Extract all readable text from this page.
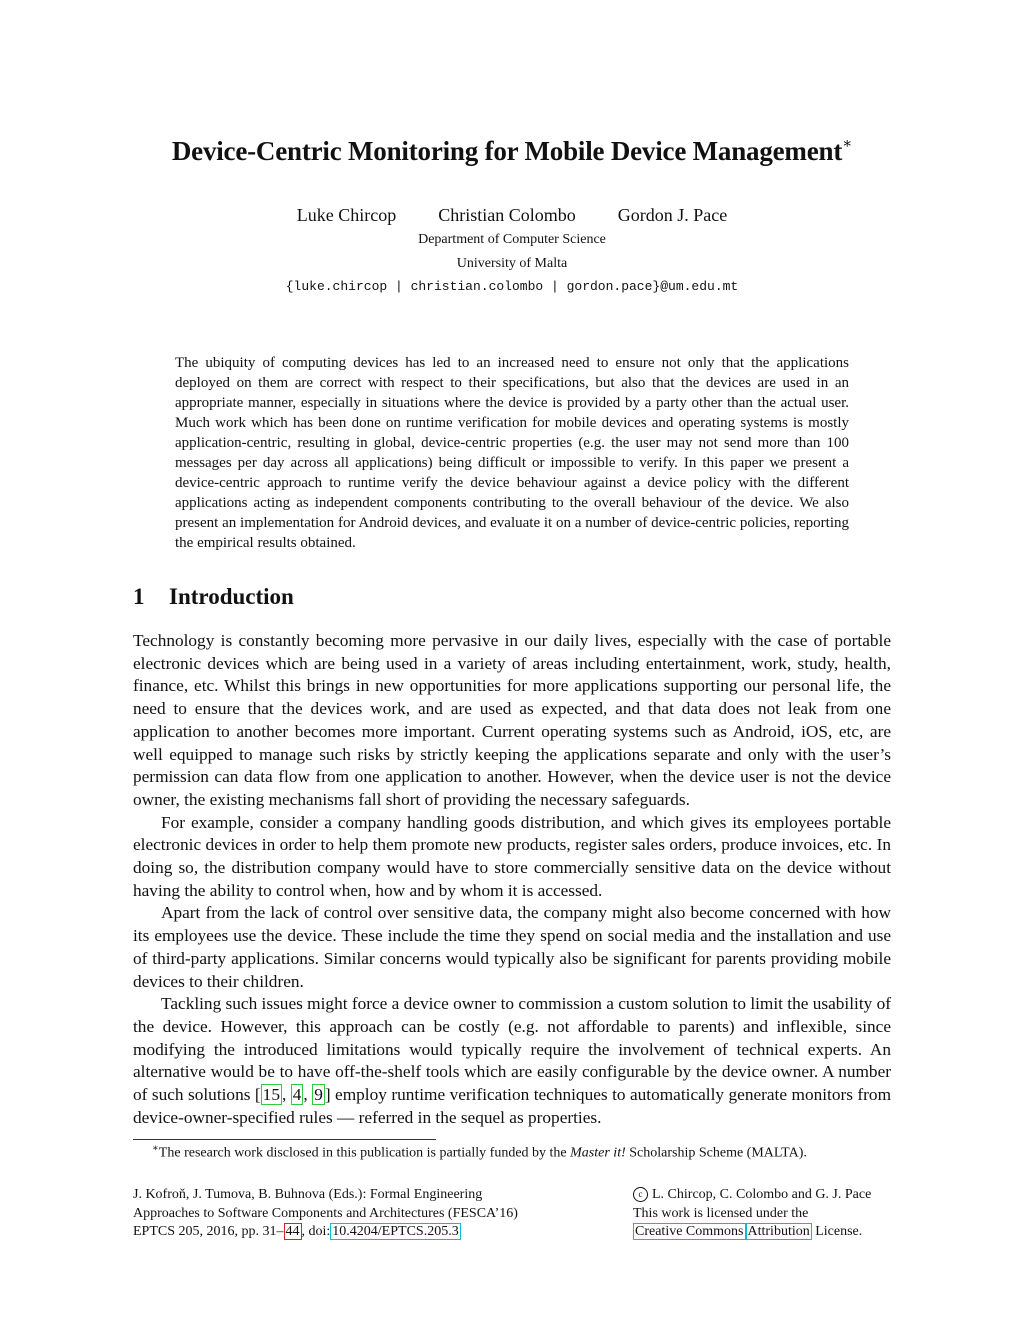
Device-Centric Monitoring for Mobile Device Management∗
Luke Chircop Christian Colombo Gordon J. Pace
Department of Computer Science
University of Malta
{luke.chircop | christian.colombo | gordon.pace}@um.edu.mt

The ubiquity of computing devices has led to an increased need to ensure not only that the applications deployed on them are correct with respect to their specifications, but also that the devices are used in an appropriate manner, especially in situations where the device is provided by a party other than the actual user. Much work which has been done on runtime verification for mobile devices and operating systems is mostly application-centric, resulting in global, device-centric properties (e.g. the user may not send more than 100 messages per day across all applications) being difficult or impossible to verify. In this paper we present a device-centric approach to runtime verify the device behaviour against a device policy with the different applications acting as independent components contributing to the overall behaviour of the device. We also present an implementation for Android devices, and evaluate it on a number of device-centric policies, reporting the empirical results obtained.

1 Introduction

Technology is constantly becoming more pervasive in our daily lives, especially with the case of portable electronic devices which are being used in a variety of areas including entertainment, work, study, health, finance, etc. Whilst this brings in new opportunities for more applications supporting our personal life, the need to ensure that the devices work, and are used as expected, and that data does not leak from one application to another becomes more important. Current operating systems such as Android, iOS, etc, are well equipped to manage such risks by strictly keeping the applications separate and only with the user’s permission can data flow from one application to another. However, when the device user is not the device owner, the existing mechanisms fall short of providing the necessary safeguards.

For example, consider a company handling goods distribution, and which gives its employees portable electronic devices in order to help them promote new products, register sales orders, produce invoices, etc. In doing so, the distribution company would have to store commercially sensitive data on the device without having the ability to control when, how and by whom it is accessed.

Apart from the lack of control over sensitive data, the company might also become concerned with how its employees use the device. These include the time they spend on social media and the installation and use of third-party applications. Similar concerns would typically also be significant for parents providing mobile devices to their children.

Tackling such issues might force a device owner to commission a custom solution to limit the usability of the device. However, this approach can be costly (e.g. not affordable to parents) and inflexible, since modifying the introduced limitations would typically require the involvement of technical experts. An alternative would be to have off-the-shelf tools which are easily configurable by the device owner. A number of such solutions [ 15 , 4 , 9 ] employ runtime verification techniques to automatically generate monitors from device-owner-specified rules — referred in the sequel as properties.

∗The research work disclosed in this publication is partially funded by the Master it! Scholarship Scheme (MALTA).
J. Kofroň, J. Tumova, B. Buhnova (Eds.): Formal Engineering
Approaches to Software Components and Architectures (FESCA’16)
EPTCS 205, 2016, pp. 31– 44 , doi: 10.4204/EPTCS.205.3
c L. Chircop, C. Colombo and G. J. Pace
This work is licensed under the
Creative Commons Attribution License.
